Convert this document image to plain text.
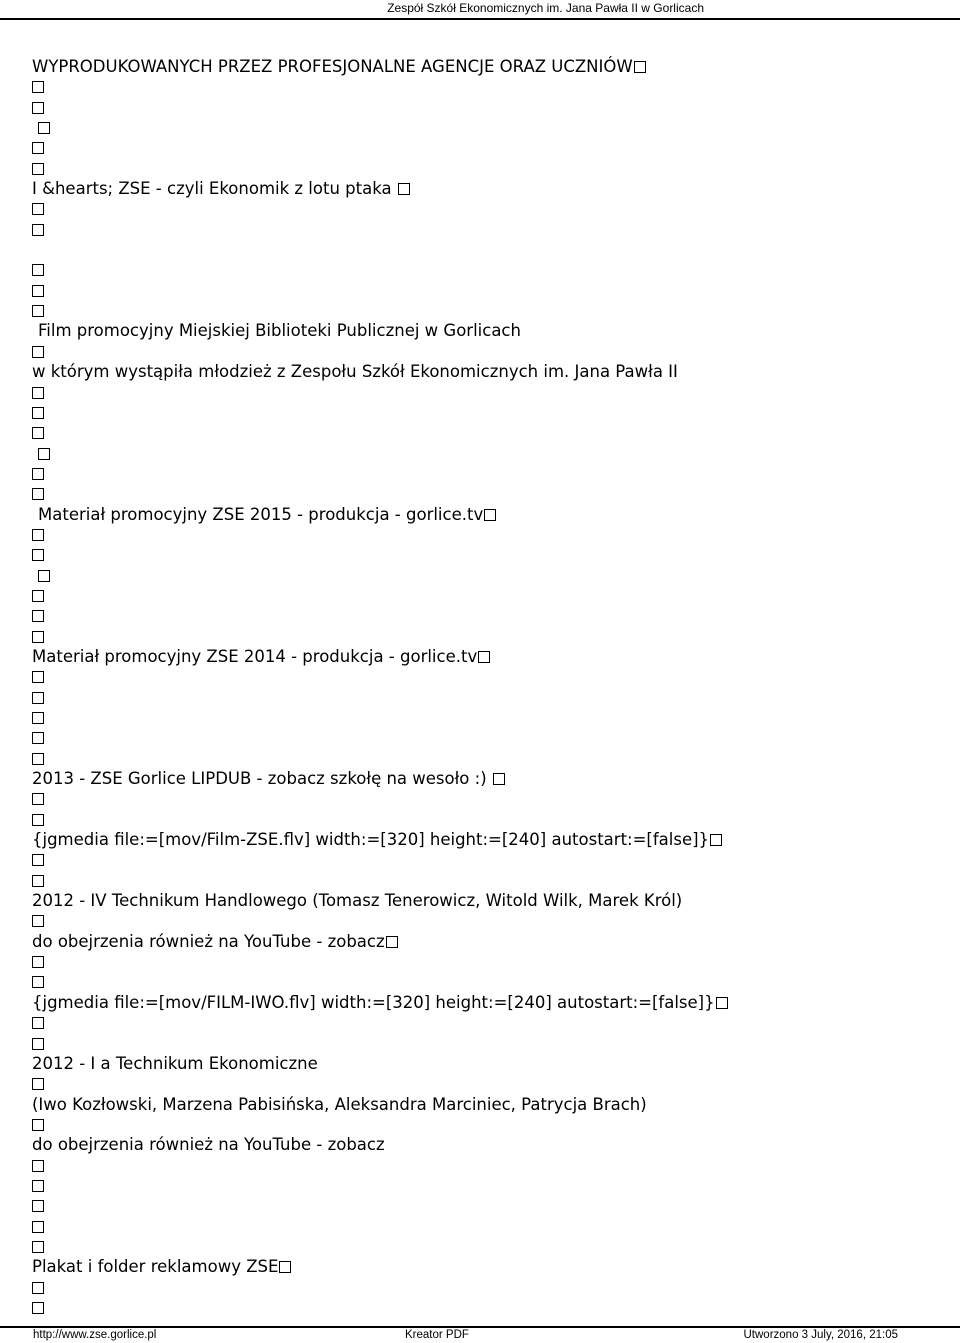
Zespół Szkół Ekonomicznych im. Jana Pawła II w Gorlicach
WYPRODUKOWANYCH PRZEZ PROFESJONALNE AGENCJE ORAZ UCZNIÓW
I &hearts; ZSE - czyli Ekonomik z lotu ptaka
Film promocyjny Miejskiej Biblioteki Publicznej w Gorlicach
w którym wystąpiła młodzież z Zespołu Szkół Ekonomicznych im. Jana Pawła II
Materiał promocyjny ZSE 2015 - produkcja - gorlice.tv
Materiał promocyjny ZSE 2014 - produkcja - gorlice.tv
2013 - ZSE Gorlice LIPDUB - zobacz szkołę na wesoło :)
{jgmedia file:=[mov/Film-ZSE.flv] width:=[320] height:=[240] autostart:=[false]}
2012 - IV Technikum Handlowego (Tomasz Tenerowicz, Witold Wilk, Marek Król)
do obejrzenia również na YouTube - zobacz
{jgmedia file:=[mov/FILM-IWO.flv] width:=[320] height:=[240] autostart:=[false]}
2012 - I a Technikum Ekonomiczne
(Iwo Kozłowski, Marzena Pabisińska, Aleksandra Marciniec, Patrycja Brach)
do obejrzenia również na YouTube - zobacz
Plakat i folder reklamowy ZSE
http://www.zse.gorlice.pl	Kreator PDF	Utworzono 3 July, 2016, 21:05
